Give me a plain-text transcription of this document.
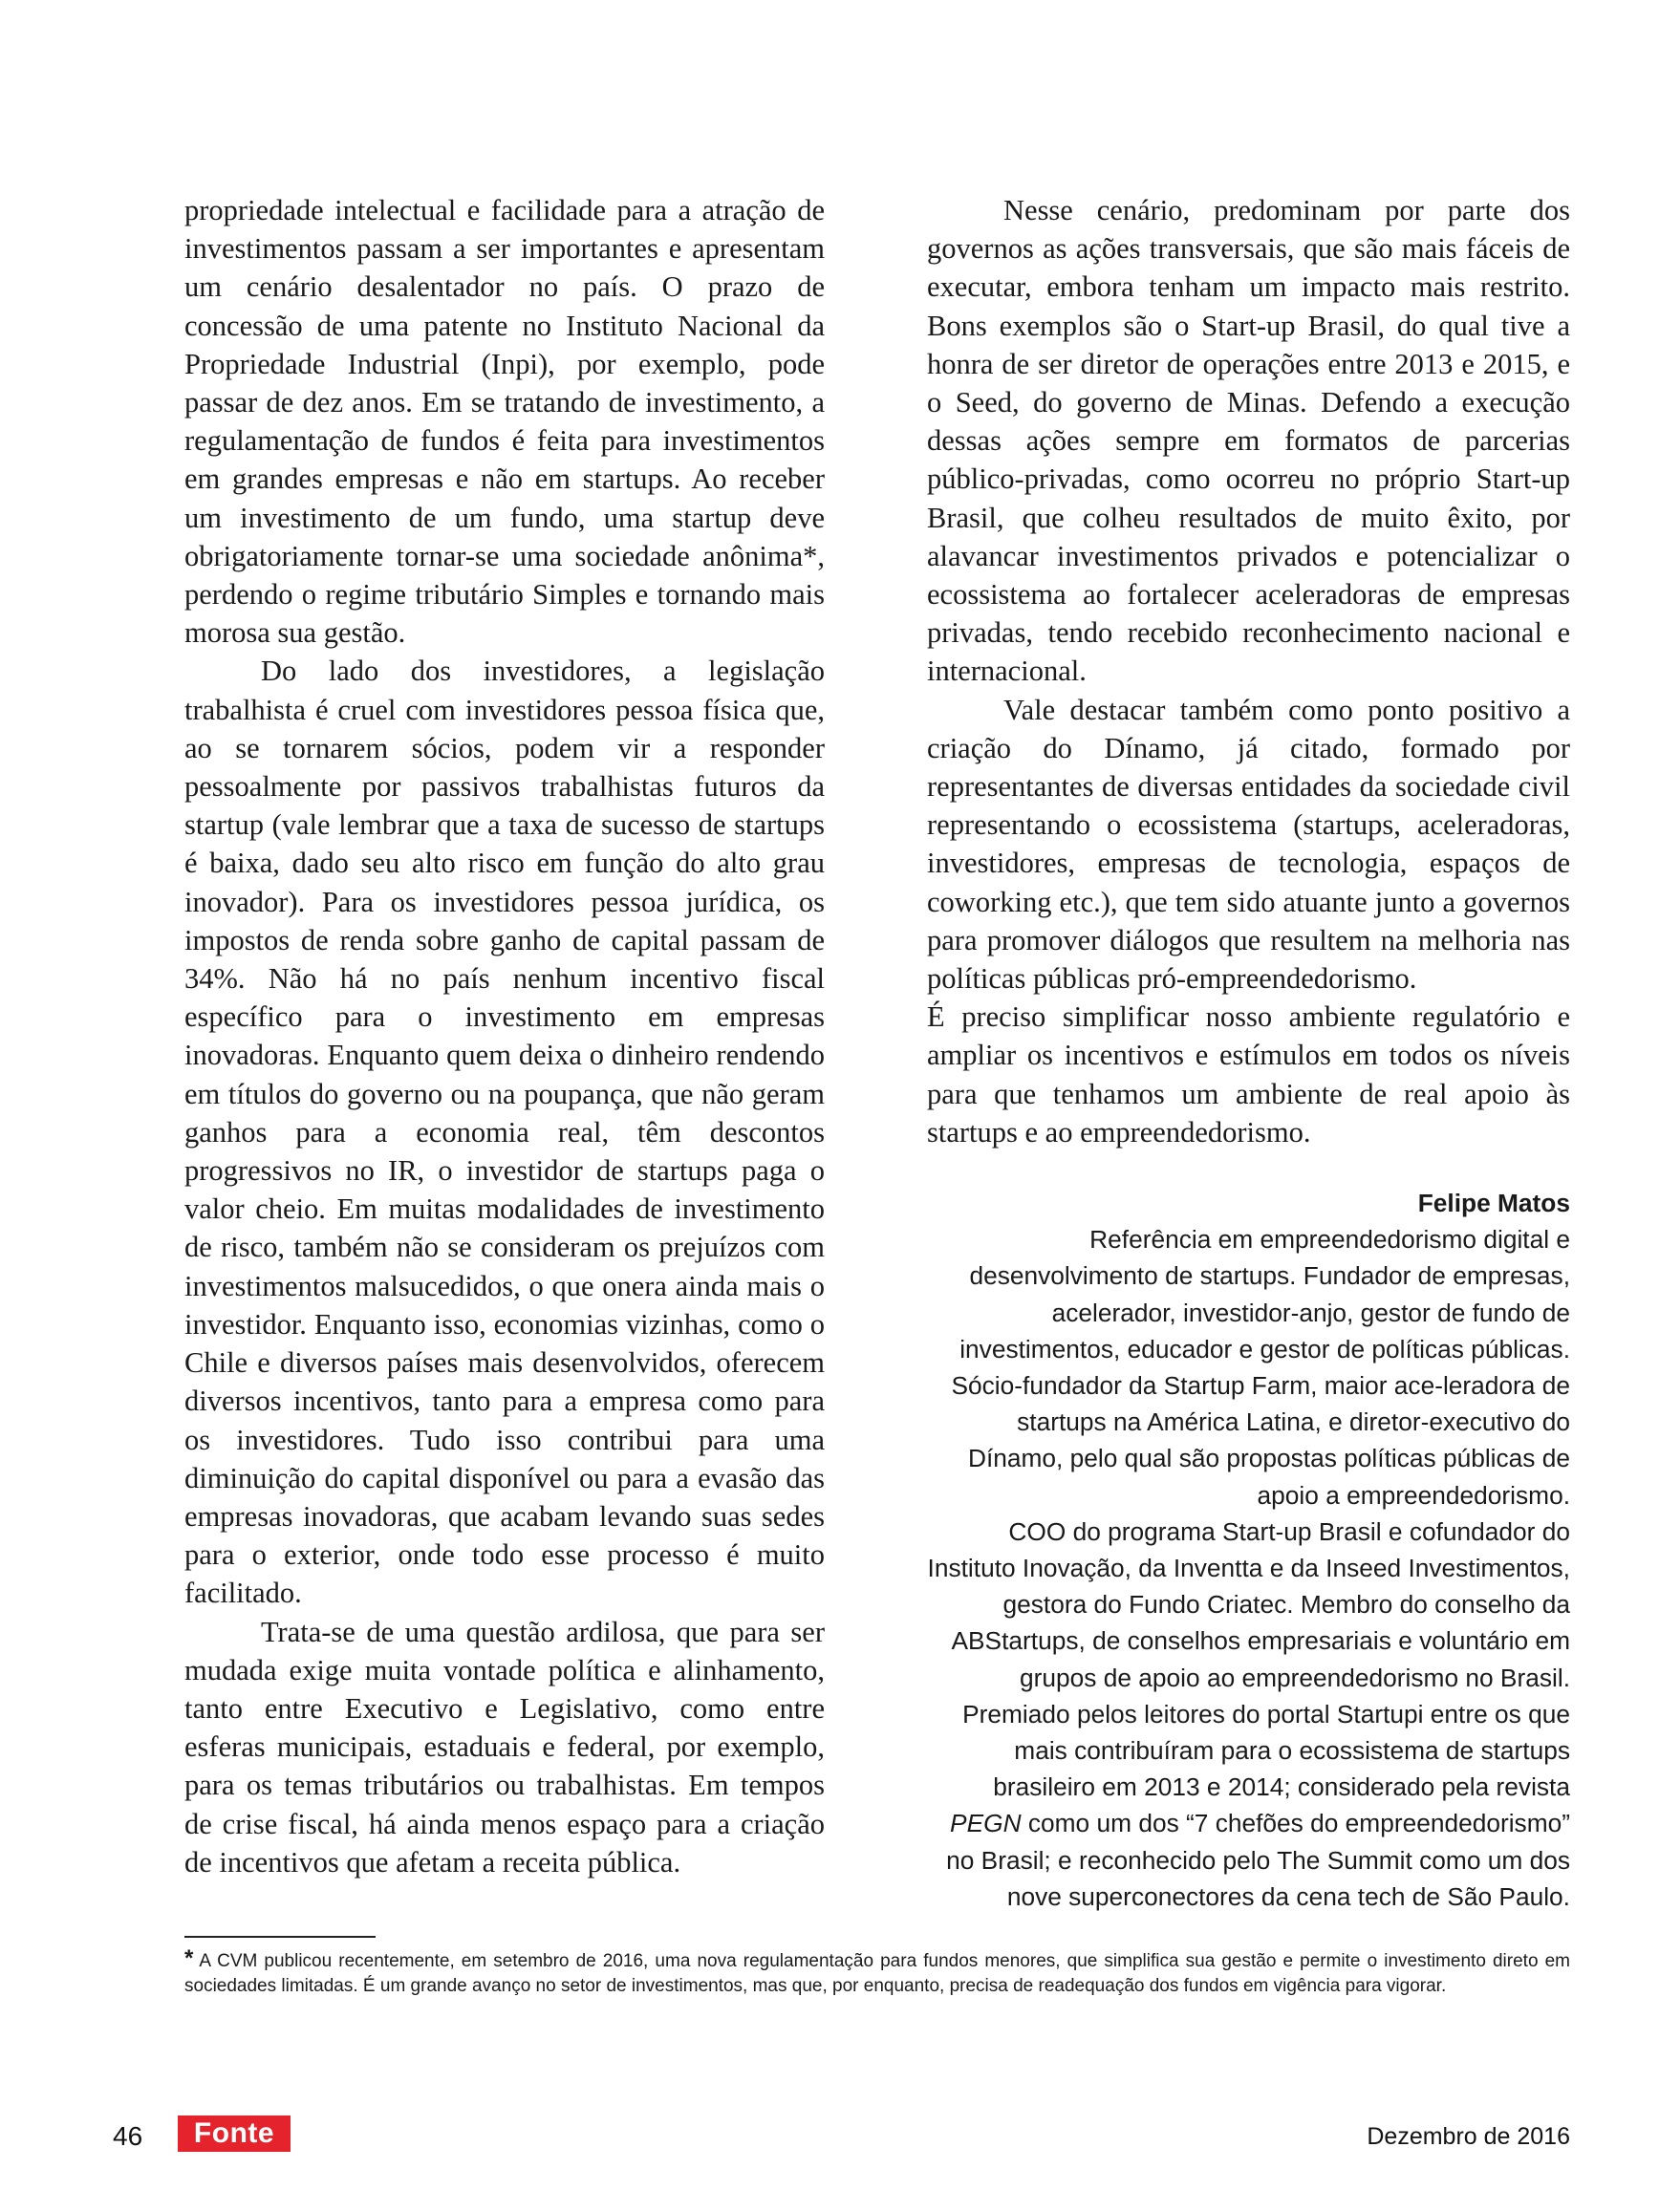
propriedade intelectual e facilidade para a atração de investimentos passam a ser importantes e apresentam um cenário desalentador no país. O prazo de concessão de uma patente no Instituto Nacional da Propriedade Industrial (Inpi), por exemplo, pode passar de dez anos. Em se tratando de investimento, a regulamentação de fundos é feita para investimentos em grandes empresas e não em startups. Ao receber um investimento de um fundo, uma startup deve obrigatoriamente tornar-se uma sociedade anônima*, perdendo o regime tributário Simples e tornando mais morosa sua gestão.

Do lado dos investidores, a legislação trabalhista é cruel com investidores pessoa física que, ao se tornarem sócios, podem vir a responder pessoalmente por passivos trabalhistas futuros da startup (vale lembrar que a taxa de sucesso de startups é baixa, dado seu alto risco em função do alto grau inovador). Para os investidores pessoa jurídica, os impostos de renda sobre ganho de capital passam de 34%. Não há no país nenhum incentivo fiscal específico para o investimento em empresas inovadoras. Enquanto quem deixa o dinheiro rendendo em títulos do governo ou na poupança, que não geram ganhos para a economia real, têm descontos progressivos no IR, o investidor de startups paga o valor cheio. Em muitas modalidades de investimento de risco, também não se consideram os prejuízos com investimentos malsucedidos, o que onera ainda mais o investidor. Enquanto isso, economias vizinhas, como o Chile e diversos países mais desenvolvidos, oferecem diversos incentivos, tanto para a empresa como para os investidores. Tudo isso contribui para uma diminuição do capital disponível ou para a evasão das empresas inovadoras, que acabam levando suas sedes para o exterior, onde todo esse processo é muito facilitado.

Trata-se de uma questão ardilosa, que para ser mudada exige muita vontade política e alinhamento, tanto entre Executivo e Legislativo, como entre esferas municipais, estaduais e federal, por exemplo, para os temas tributários ou trabalhistas. Em tempos de crise fiscal, há ainda menos espaço para a criação de incentivos que afetam a receita pública.

Nesse cenário, predominam por parte dos governos as ações transversais, que são mais fáceis de executar, embora tenham um impacto mais restrito. Bons exemplos são o Start-up Brasil, do qual tive a honra de ser diretor de operações entre 2013 e 2015, e o Seed, do governo de Minas. Defendo a execução dessas ações sempre em formatos de parcerias público-privadas, como ocorreu no próprio Start-up Brasil, que colheu resultados de muito êxito, por alavancar investimentos privados e potencializar o ecossistema ao fortalecer aceleradoras de empresas privadas, tendo recebido reconhecimento nacional e internacional.

Vale destacar também como ponto positivo a criação do Dínamo, já citado, formado por representantes de diversas entidades da sociedade civil representando o ecossistema (startups, aceleradoras, investidores, empresas de tecnologia, espaços de coworking etc.), que tem sido atuante junto a governos para promover diálogos que resultem na melhoria nas políticas públicas pró-empreendedorismo.

É preciso simplificar nosso ambiente regulatório e ampliar os incentivos e estímulos em todos os níveis para que tenhamos um ambiente de real apoio às startups e ao empreendedorismo.

Felipe Matos

Referência em empreendedorismo digital e desenvolvimento de startups. Fundador de empresas, acelerador, investidor-anjo, gestor de fundo de investimentos, educador e gestor de políticas públicas. Sócio-fundador da Startup Farm, maior ace-leradora de startups na América Latina, e diretor-executivo do Dínamo, pelo qual são propostas políticas públicas de apoio a empreendedorismo.

COO do programa Start-up Brasil e cofundador do Instituto Inovação, da Inventta e da Inseed Investimentos, gestora do Fundo Criatec. Membro do conselho da ABStartups, de conselhos empresariais e voluntário em grupos de apoio ao empreendedorismo no Brasil. Premiado pelos leitores do portal Startupi entre os que mais contribuíram para o ecossistema de startups brasileiro em 2013 e 2014; considerado pela revista PEGN como um dos “7 chefões do empreendedorismo” no Brasil; e reconhecido pelo The Summit como um dos nove superconectores da cena tech de São Paulo.

* A CVM publicou recentemente, em setembro de 2016, uma nova regulamentação para fundos menores, que simplifica sua gestão e permite o investimento direto em sociedades limitadas. É um grande avanço no setor de investimentos, mas que, por enquanto, precisa de readequação dos fundos em vigência para vigorar.
46	Fonte	Dezembro de 2016
